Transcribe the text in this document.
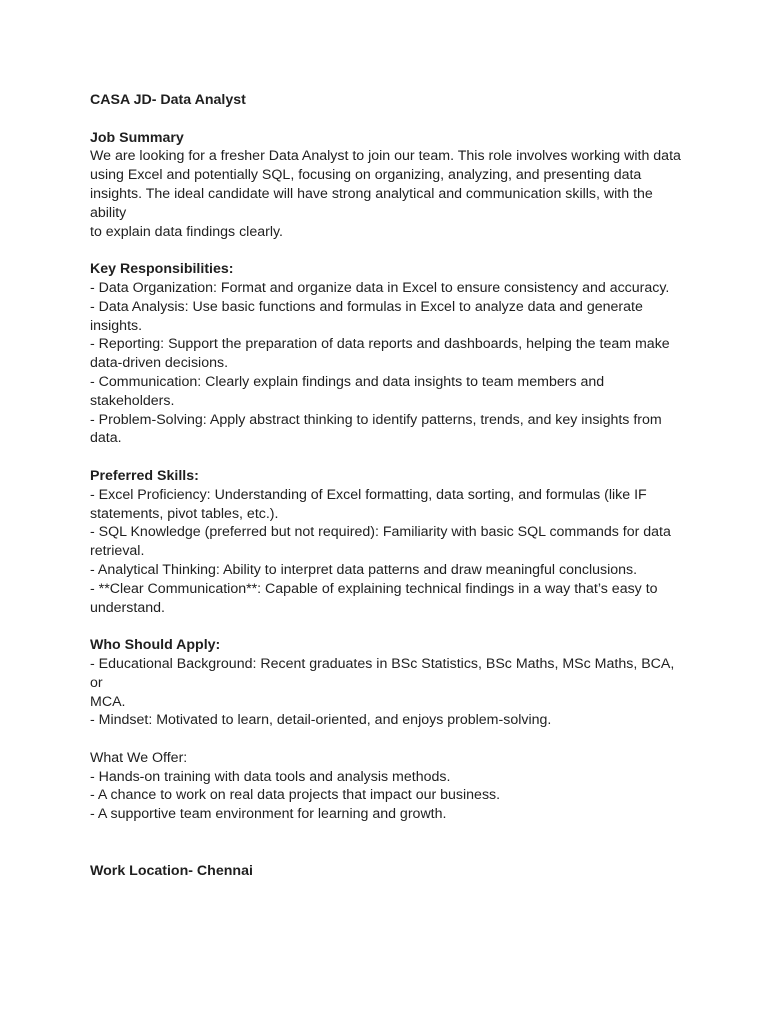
CASA JD- Data Analyst

Job Summary

We are looking for a fresher Data Analyst to join our team. This role involves working with data

using Excel and potentially SQL, focusing on organizing, analyzing, and presenting data

insights. The ideal candidate will have strong analytical and communication skills, with the ability

to explain data findings clearly.

Key Responsibilities:

- Data Organization: Format and organize data in Excel to ensure consistency and accuracy.

- Data Analysis: Use basic functions and formulas in Excel to analyze data and generate

insights.

- Reporting: Support the preparation of data reports and dashboards, helping the team make

data-driven decisions.

- Communication: Clearly explain findings and data insights to team members and stakeholders.

- Problem-Solving: Apply abstract thinking to identify patterns, trends, and key insights from

data.

Preferred Skills:

- Excel Proficiency: Understanding of Excel formatting, data sorting, and formulas (like IF

statements, pivot tables, etc.).

- SQL Knowledge (preferred but not required): Familiarity with basic SQL commands for data

retrieval.

- Analytical Thinking: Ability to interpret data patterns and draw meaningful conclusions.

- **Clear Communication**: Capable of explaining technical findings in a way that’s easy to

understand.

Who Should Apply:

- Educational Background: Recent graduates in BSc Statistics, BSc Maths, MSc Maths, BCA, or

MCA.

- Mindset: Motivated to learn, detail-oriented, and enjoys problem-solving.

What We Offer:

- Hands-on training with data tools and analysis methods.

- A chance to work on real data projects that impact our business.

- A supportive team environment for learning and growth.

Work Location- Chennai
